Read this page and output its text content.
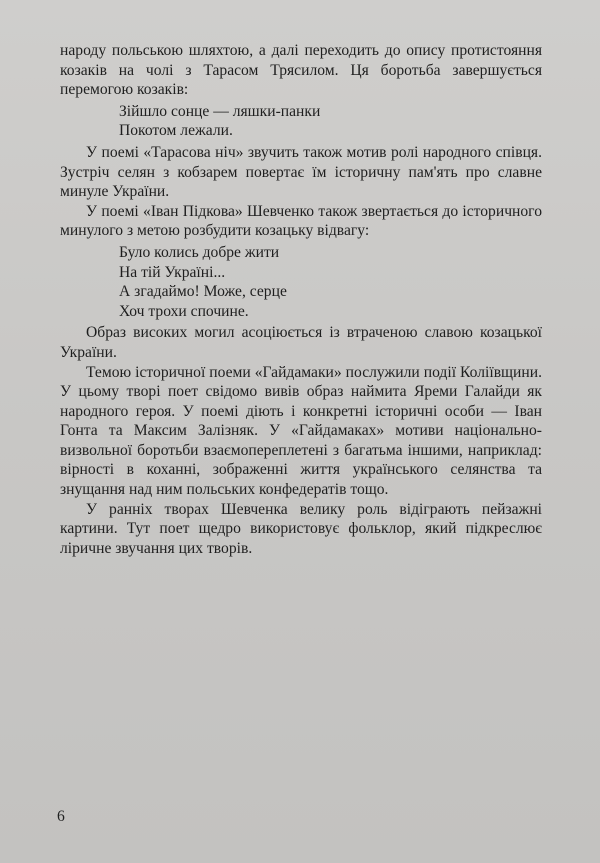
народу польською шляхтою, а далі переходить до опису протистояння козаків на чолі з Тарасом Трясилом. Ця боротьба завершується перемогою козаків:

Зійшло сонце — ляшки-панки
Покотом лежали.

У поемі «Тарасова ніч» звучить також мотив ролі народного співця. Зустріч селян з кобзарем повертає їм історичну пам'ять про славне минуле України.

У поемі «Іван Підкова» Шевченко також звертається до історичного минулого з метою розбудити козацьку відвагу:

Було колись добре жити
На тій Україні...
А згадаймо! Може, серце
Хоч трохи спочине.

Образ високих могил асоціюється із втраченою славою козацької України.

Темою історичної поеми «Гайдамаки» послужили події Коліївщини. У цьому творі поет свідомо вивів образ наймита Яреми Галайди як народного героя. У поемі діють і конкретні історичні особи — Іван Гонта та Максим Залізняк. У «Гайдамаках» мотиви національно-визвольної боротьби взаємопереплетені з багатьма іншими, наприклад: вірності в коханні, зображенні життя українського селянства та знущання над ним польських конфедератів тощо.

У ранніх творах Шевченка велику роль відіграють пейзажні картини. Тут поет щедро використовує фольклор, який підкреслює ліричне звучання цих творів.

6
